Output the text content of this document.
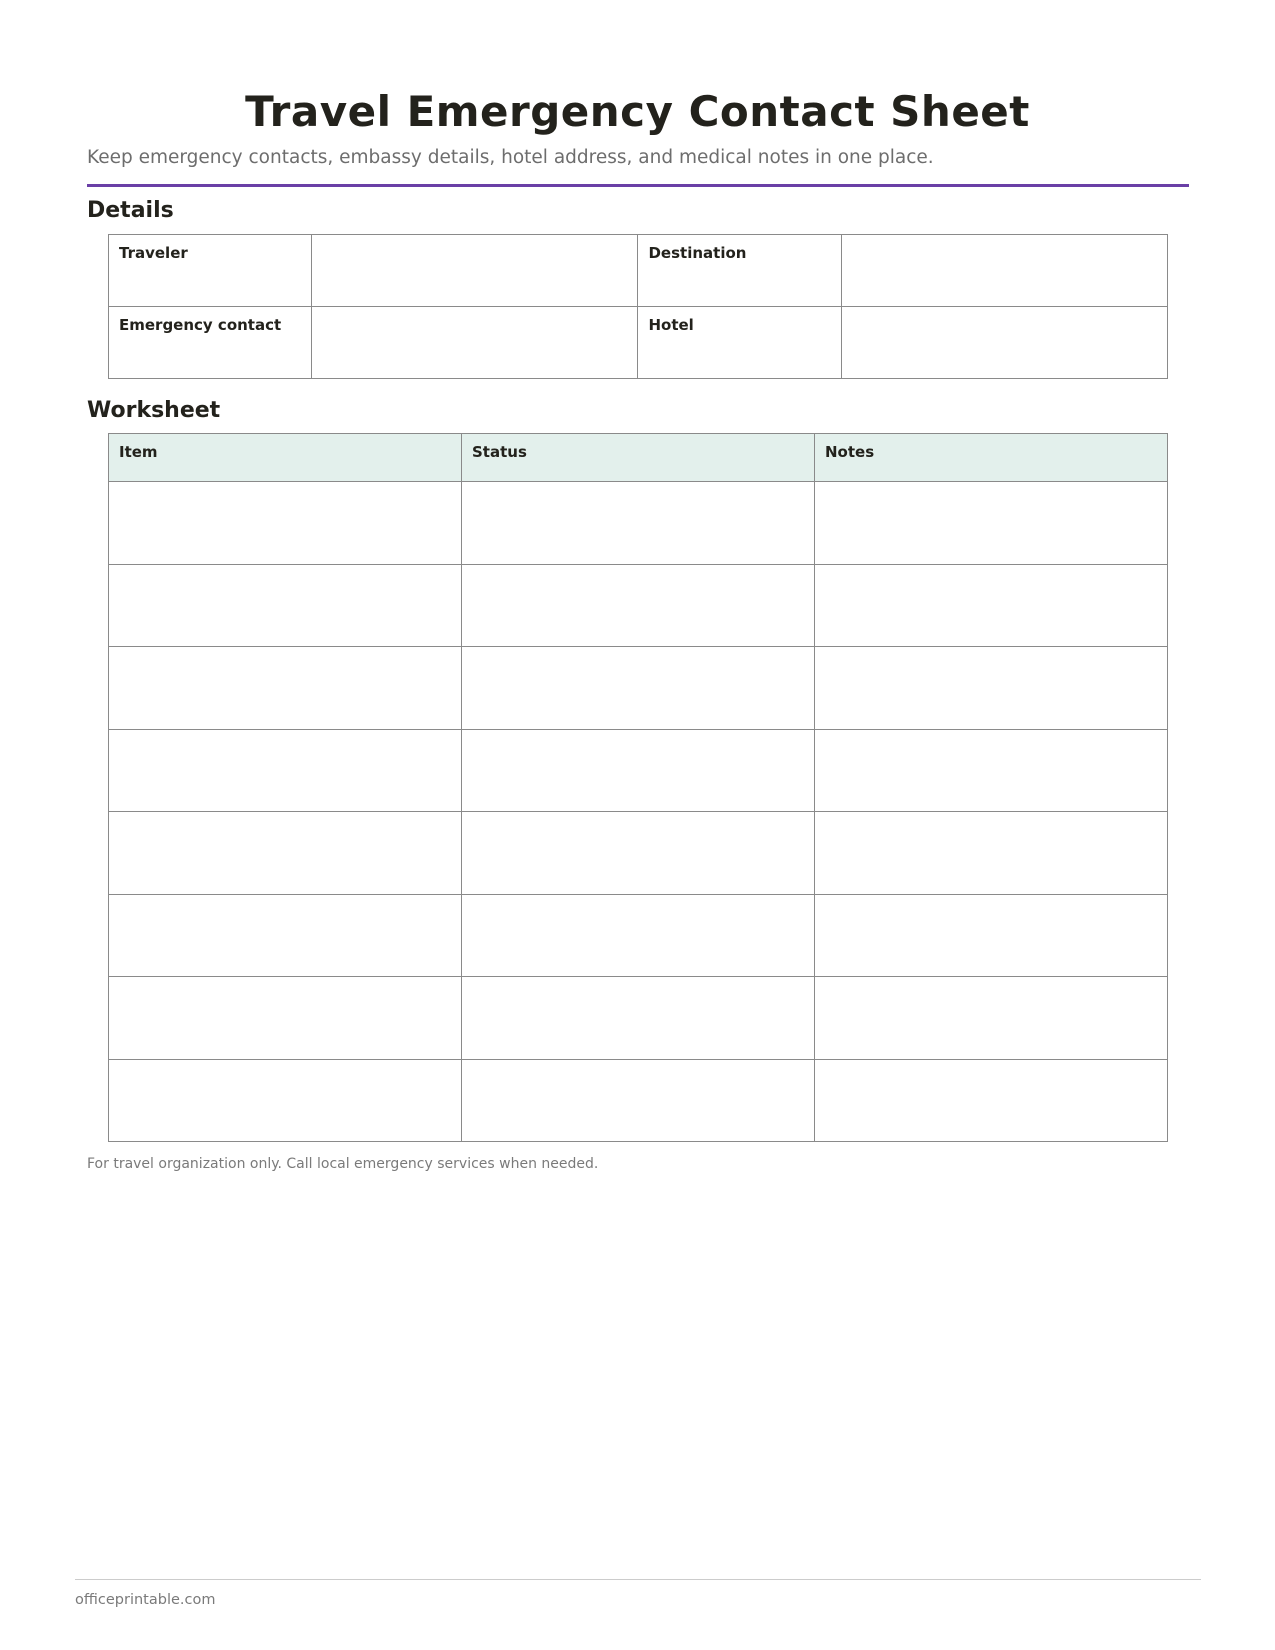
Travel Emergency Contact Sheet

Keep emergency contacts, embassy details, hotel address, and medical notes in one place.

Details
Traveler		Destination	
Emergency contact		Hotel	
Worksheet
Item	Status	Notes

For travel organization only. Call local emergency services when needed.

officeprintable.com
